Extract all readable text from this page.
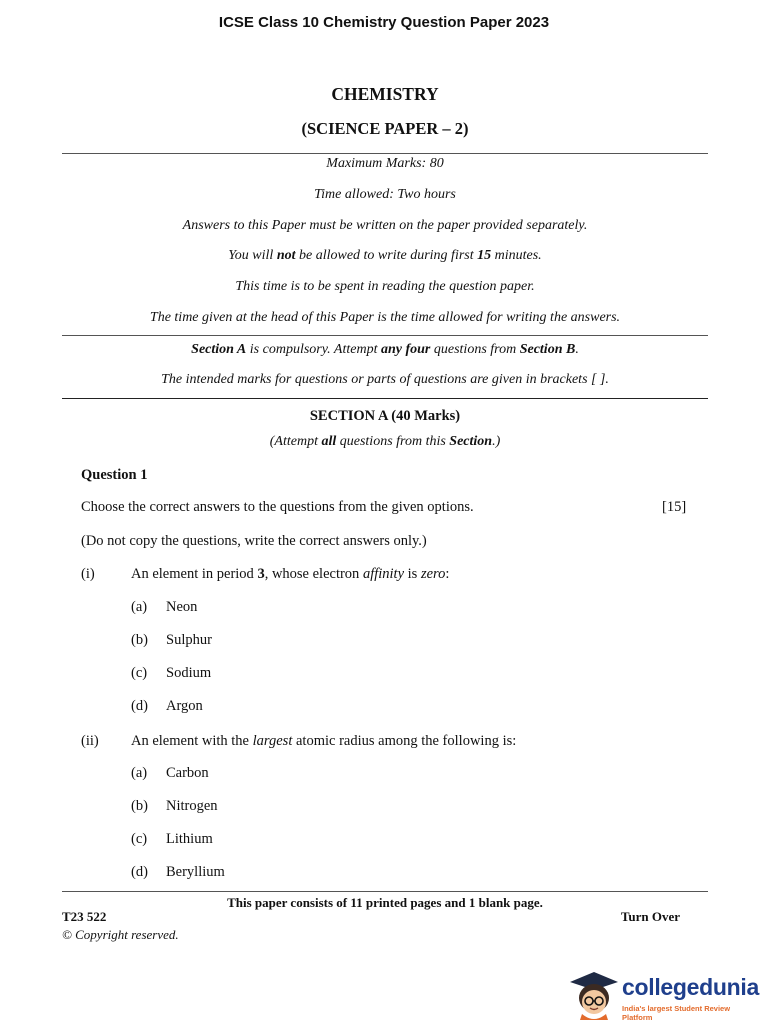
ICSE Class 10 Chemistry Question Paper 2023
CHEMISTRY
(SCIENCE PAPER – 2)
Maximum Marks: 80
Time allowed: Two hours
Answers to this Paper must be written on the paper provided separately.
You will not be allowed to write during first 15 minutes.
This time is to be spent in reading the question paper.
The time given at the head of this Paper is the time allowed for writing the answers.
Section A is compulsory. Attempt any four questions from Section B.
The intended marks for questions or parts of questions are given in brackets [ ].
SECTION A (40 Marks)
(Attempt all questions from this Section.)
Question 1
Choose the correct answers to the questions from the given options.	[15]
(Do not copy the questions, write the correct answers only.)
(i)	An element in period 3, whose electron affinity is zero:
(a) Neon
(b) Sulphur
(c) Sodium
(d) Argon
(ii) An element with the largest atomic radius among the following is:
(a) Carbon
(b) Nitrogen
(c) Lithium
(d) Beryllium
This paper consists of 11 printed pages and 1 blank page.
T23 522	Turn Over
© Copyright reserved.
collegedunia
India's largest Student Review Platform
